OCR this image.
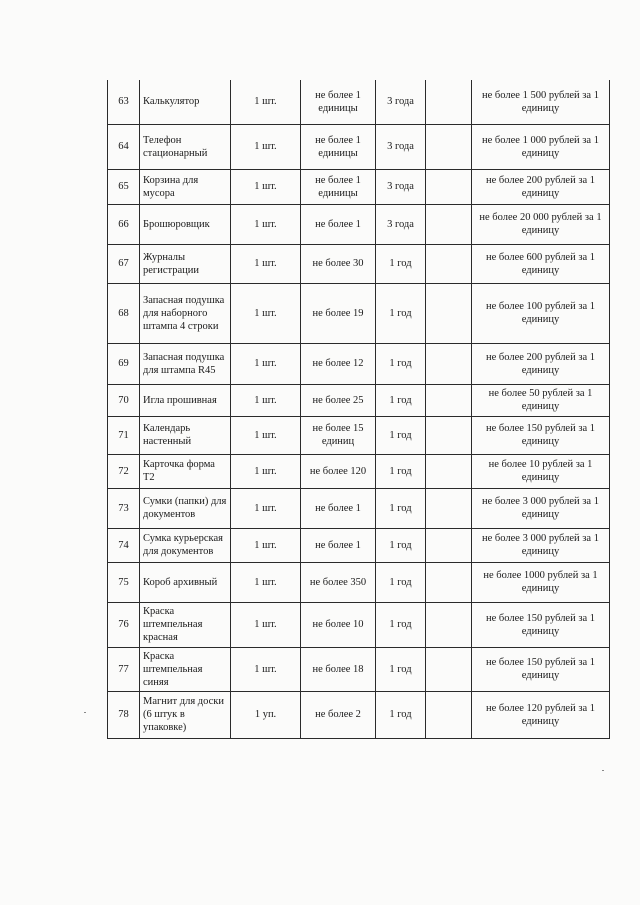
63	Калькулятор	1 шт.	не более 1 единицы	3 года		не более 1 500 рублей за 1 единицу
64	Телефон стационарный	1 шт.	не более 1 единицы	3 года		не более 1 000 рублей за 1 единицу
65	Корзина для мусора	1 шт.	не более 1 единицы	3 года		не более 200 рублей за 1 единицу
66	Брошюровщик	1 шт.	не более 1	3 года		не более 20 000 рублей за 1 единицу
67	Журналы регистрации	1 шт.	не более 30	1 год		не более 600 рублей за 1 единицу
68	Запасная подушка для наборного штампа 4 строки	1 шт.	не более 19	1 год		не более 100 рублей за 1 единицу
69	Запасная подушка для штампа R45	1 шт.	не более 12	1 год		не более 200 рублей за 1 единицу
70	Игла прошивная	1 шт.	не более 25	1 год		не более 50 рублей за 1 единицу
71	Календарь настенный	1 шт.	не более 15 единиц	1 год		не более 150 рублей за 1 единицу
72	Карточка форма Т2	1 шт.	не более 120	1 год		не более 10 рублей за 1 единицу
73	Сумки (папки) для документов	1 шт.	не более 1	1 год		не более 3 000 рублей за 1 единицу
74	Сумка курьерская для документов	1 шт.	не более 1	1 год		не более 3 000 рублей за 1 единицу
75	Короб архивный	1 шт.	не более 350	1 год		не более 1000 рублей за 1 единицу
76	Краска штемпельная красная	1 шт.	не более 10	1 год		не более 150 рублей за 1 единицу
77	Краска штемпельная синяя	1 шт.	не более 18	1 год		не более 150 рублей за 1 единицу
78	Магнит для доски (6 штук в упаковке)	1 уп.	не более 2	1 год		не более 120 рублей за 1 единицу
